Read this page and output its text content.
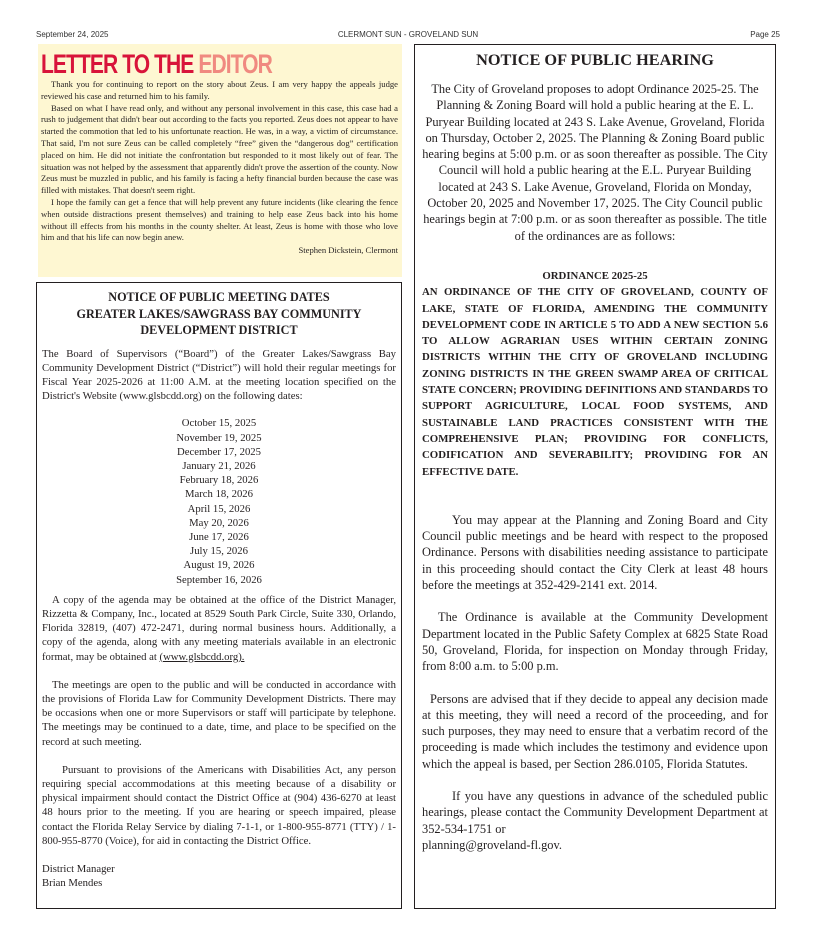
September 24, 2025	CLERMONT SUN - GROVELAND SUN	Page 25
LETTER TO THE EDITOR

Thank you for continuing to report on the story about Zeus. I am very happy the appeals judge reviewed his case and returned him to his family.

Based on what I have read only, and without any personal involvement in this case, this case had a rush to judgement that didn't bear out according to the facts you reported. Zeus does not appear to have started the commotion that led to his unfortunate reaction. He was, in a way, a victim of circumstance. That said, I'm not sure Zeus can be called completely “free” given the “dangerous dog” certification placed on him. He did not initiate the confrontation but responded to it most likely out of fear. The situation was not helped by the assessment that apparently didn't prove the assertion of the county. Now Zeus must be muzzled in public, and his family is facing a hefty financial burden because the case was filled with mistakes. That doesn't seem right.

I hope the family can get a fence that will help prevent any future incidents (like clearing the fence when outside distractions present themselves) and training to help ease Zeus back into his home without ill effects from his months in the county shelter. At least, Zeus is home with those who love him and that his life can now begin anew.

Stephen Dickstein, Clermont

NOTICE OF PUBLIC MEETING DATES
GREATER LAKES/SAWGRASS BAY COMMUNITY
DEVELOPMENT DISTRICT

The Board of Supervisors (“Board”) of the Greater Lakes/Sawgrass Bay Community Development District (“District”) will hold their regular meetings for Fiscal Year 2025-2026 at 11:00 A.M. at the meeting location specified on the District's Website (www.glsbcdd.org) on the following dates:

October 15, 2025
November 19, 2025
December 17, 2025
January 21, 2026
February 18, 2026
March 18, 2026
April 15, 2026
May 20, 2026
June 17, 2026
July 15, 2026
August 19, 2026
September 16, 2026

A copy of the agenda may be obtained at the office of the District Manager, Rizzetta & Company, Inc., located at 8529 South Park Circle, Suite 330, Orlando, Florida 32819, (407) 472-2471, during normal business hours. Additionally, a copy of the agenda, along with any meeting materials available in an electronic format, may be obtained at (www.glsbcdd.org).

The meetings are open to the public and will be conducted in accordance with the provisions of Florida Law for Community Development Districts. There may be occasions when one or more Supervisors or staff will participate by telephone. The meetings may be continued to a date, time, and place to be specified on the record at such meeting.

Pursuant to provisions of the Americans with Disabilities Act, any person requiring special accommodations at this meeting because of a disability or physical impairment should contact the District Office at (904) 436-6270 at least 48 hours prior to the meeting. If you are hearing or speech impaired, please contact the Florida Relay Service by dialing 7-1-1, or 1-800-955-8771 (TTY) / 1-800-955-8770 (Voice), for aid in contacting the District Office.

District Manager
Brian Mendes

NOTICE OF PUBLIC HEARING

The City of Groveland proposes to adopt Ordinance 2025-25. The Planning & Zoning Board will hold a public hearing at the E. L. Puryear Building located at 243 S. Lake Avenue, Groveland, Florida on Thursday, October 2, 2025. The Planning & Zoning Board public hearing begins at 5:00 p.m. or as soon thereafter as possible. The City Council will hold a public hearing at the E.L. Puryear Building located at 243 S. Lake Avenue, Groveland, Florida on Monday, October 20, 2025 and November 17, 2025. The City Council public hearings begin at 7:00 p.m. or as soon thereafter as possible. The title of the ordinances are as follows:

ORDINANCE 2025-25

AN ORDINANCE OF THE CITY OF GROVELAND, COUNTY OF LAKE, STATE OF FLORIDA, AMENDING THE COMMUNITY DEVELOPMENT CODE IN ARTICLE 5 TO ADD A NEW SECTION 5.6 TO ALLOW AGRARIAN USES WITHIN CERTAIN ZONING DISTRICTS WITHIN THE CITY OF GROVELAND INCLUDING ZONING DISTRICTS IN THE GREEN SWAMP AREA OF CRITICAL STATE CONCERN; PROVIDING DEFINITIONS AND STANDARDS TO SUPPORT AGRICULTURE, LOCAL FOOD SYSTEMS, AND SUSTAINABLE LAND PRACTICES CONSISTENT WITH THE COMPREHENSIVE PLAN; PROVIDING FOR CONFLICTS, CODIFICATION AND SEVERABILITY; PROVIDING FOR AN EFFECTIVE DATE.

You may appear at the Planning and Zoning Board and City Council public meetings and be heard with respect to the proposed Ordinance. Persons with disabilities needing assistance to participate in this proceeding should contact the City Clerk at least 48 hours before the meetings at 352-429-2141 ext. 2014.

The Ordinance is available at the Community Development Department located in the Public Safety Complex at 6825 State Road 50, Groveland, Florida, for inspection on Monday through Friday, from 8:00 a.m. to 5:00 p.m.

Persons are advised that if they decide to appeal any decision made at this meeting, they will need a record of the proceeding, and for such purposes, they may need to ensure that a verbatim record of the proceeding is made which includes the testimony and evidence upon which the appeal is based, per Section 286.0105, Florida Statutes.

If you have any questions in advance of the scheduled public hearings, please contact the Community Development Department at 352-534-1751 or
planning@groveland-fl.gov.
